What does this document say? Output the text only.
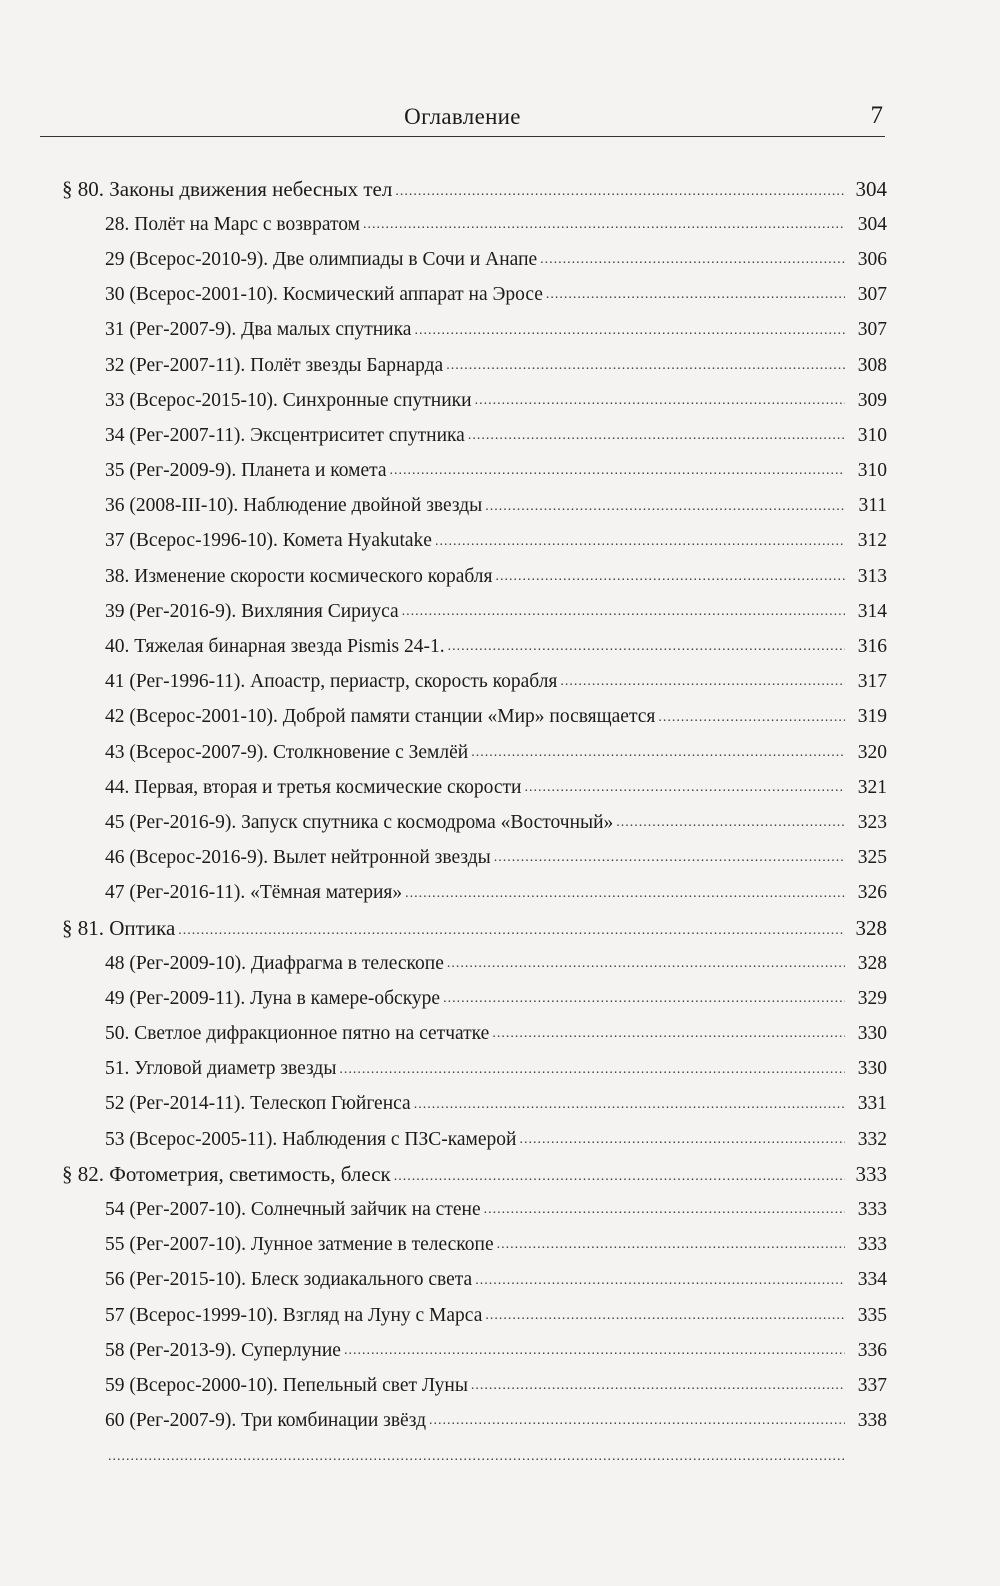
Оглавление	7
§ 80. Законы движения небесных тел .....	304
28. Полёт на Марс с возвратом .....	304
29 (Всерос-2010-9). Две олимпиады в Сочи и Анапе .....	306
30 (Всерос-2001-10). Космический аппарат на Эросе .....	307
31 (Рег-2007-9). Два малых спутника .....	307
32 (Рег-2007-11). Полёт звезды Барнарда .....	308
33 (Всерос-2015-10). Синхронные спутники .....	309
34 (Рег-2007-11). Эксцентриситет спутника .....	310
35 (Рег-2009-9). Планета и комета .....	310
36 (2008-III-10). Наблюдение двойной звезды .....	311
37 (Всерос-1996-10). Комета Hyakutake .....	312
38. Изменение скорости космического корабля .....	313
39 (Рег-2016-9). Вихляния Сириуса .....	314
40. Тяжелая бинарная звезда Pismis 24-1. .....	316
41 (Рег-1996-11). Апоастр, периастр, скорость корабля .....	317
42 (Всерос-2001-10). Доброй памяти станции «Мир» посвящается .....	319
43 (Всерос-2007-9). Столкновение с Землёй .....	320
44. Первая, вторая и третья космические скорости .....	321
45 (Рег-2016-9). Запуск спутника с космодрома «Восточный» .....	323
46 (Всерос-2016-9). Вылет нейтронной звезды .....	325
47 (Рег-2016-11). «Тёмная материя» .....	326
§ 81. Оптика .....	328
48 (Рег-2009-10). Диафрагма в телескопе .....	328
49 (Рег-2009-11). Луна в камере-обскуре .....	329
50. Светлое дифракционное пятно на сетчатке .....	330
51. Угловой диаметр звезды .....	330
52 (Рег-2014-11). Телескоп Гюйгенса .....	331
53 (Всерос-2005-11). Наблюдения с ПЗС-камерой .....	332
§ 82. Фотометрия, светимость, блеск .....	333
54 (Рег-2007-10). Солнечный зайчик на стене .....	333
55 (Рег-2007-10). Лунное затмение в телескопе .....	333
56 (Рег-2015-10). Блеск зодиакального света .....	334
57 (Всерос-1999-10). Взгляд на Луну с Марса .....	335
58 (Рег-2013-9). Суперлуние .....	336
59 (Всерос-2000-10). Пепельный свет Луны .....	337
60 (Рег-2007-9). Три комбинации звёзд .....	338
.....
